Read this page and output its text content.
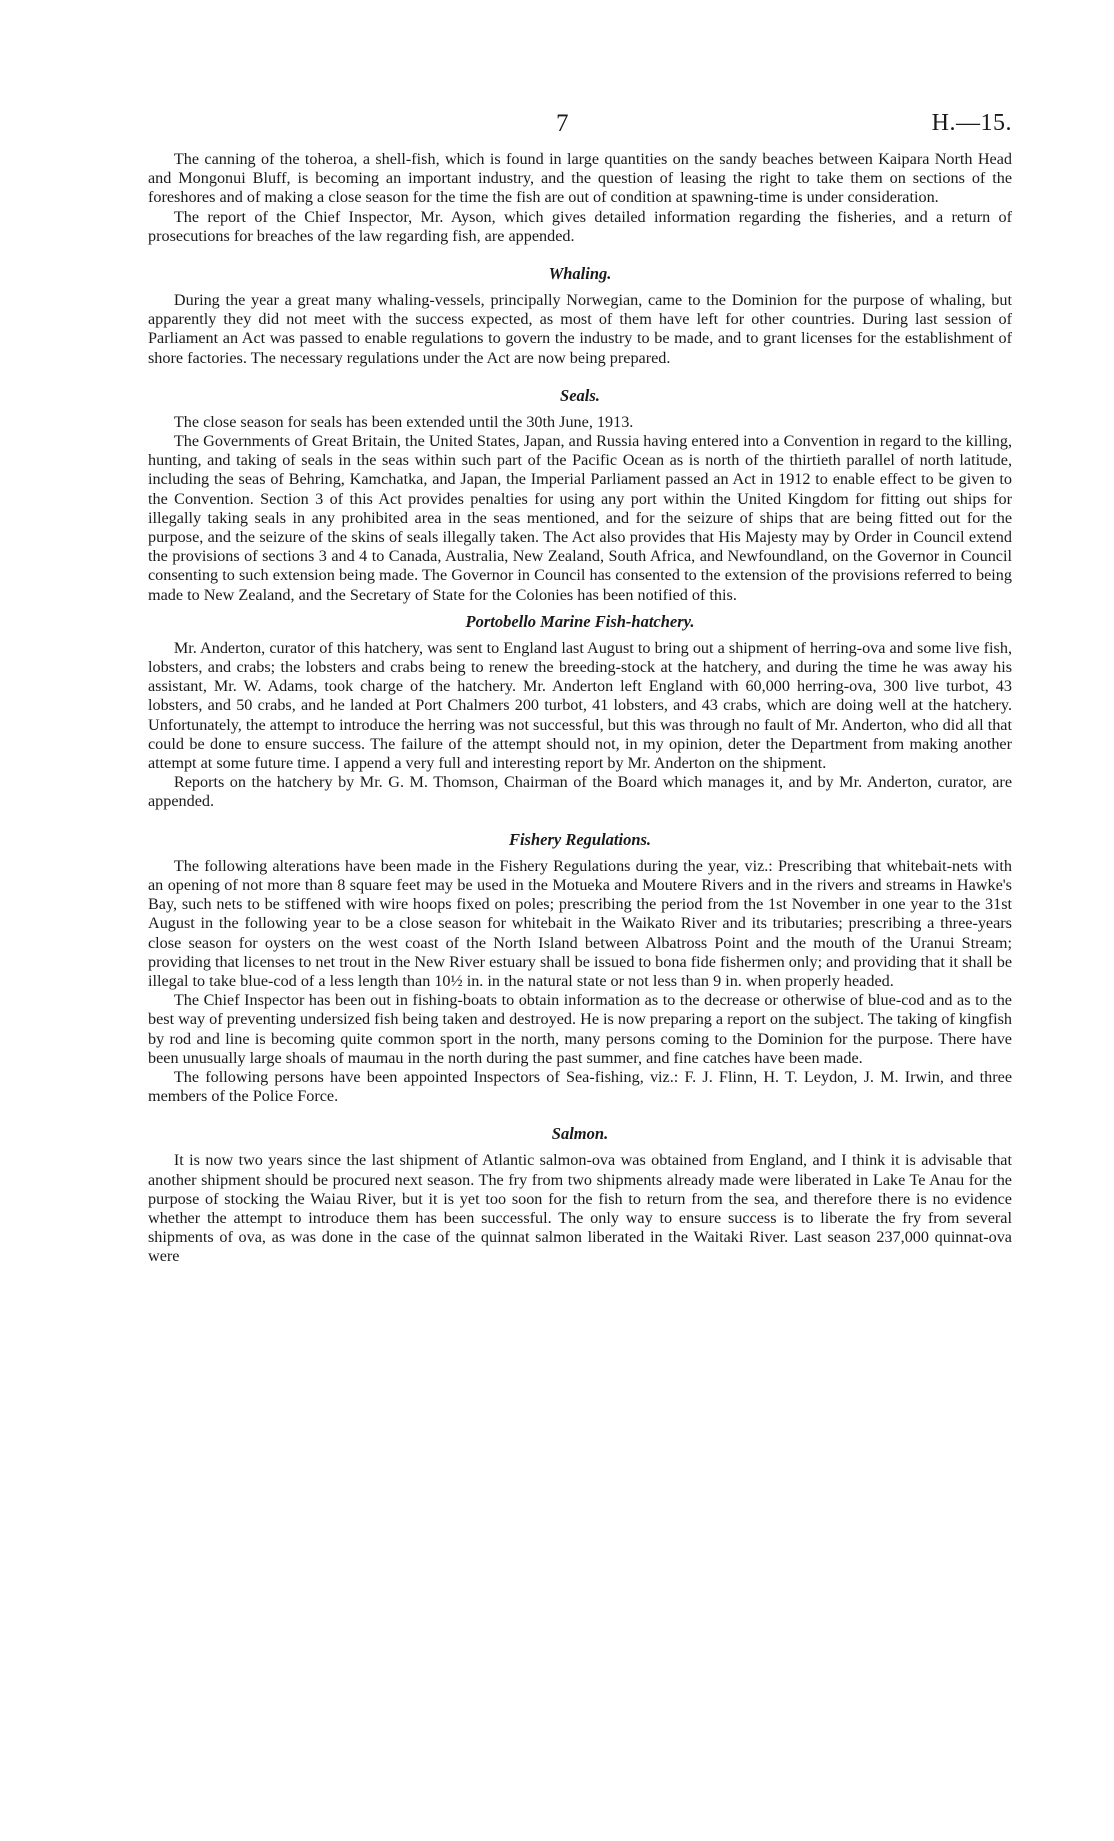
7	H.—15.

The canning of the toheroa, a shell-fish, which is found in large quantities on the sandy beaches between Kaipara North Head and Mongonui Bluff, is becoming an important industry, and the question of leasing the right to take them on sections of the foreshores and of making a close season for the time the fish are out of condition at spawning-time is under consideration.

The report of the Chief Inspector, Mr. Ayson, which gives detailed information regarding the fisheries, and a return of prosecutions for breaches of the law regarding fish, are appended.

Whaling.

During the year a great many whaling-vessels, principally Norwegian, came to the Dominion for the purpose of whaling, but apparently they did not meet with the success expected, as most of them have left for other countries. During last session of Parliament an Act was passed to enable regulations to govern the industry to be made, and to grant licenses for the establishment of shore factories. The necessary regulations under the Act are now being prepared.

Seals.

The close season for seals has been extended until the 30th June, 1913.

The Governments of Great Britain, the United States, Japan, and Russia having entered into a Convention in regard to the killing, hunting, and taking of seals in the seas within such part of the Pacific Ocean as is north of the thirtieth parallel of north latitude, including the seas of Behring, Kamchatka, and Japan, the Imperial Parliament passed an Act in 1912 to enable effect to be given to the Convention. Section 3 of this Act provides penalties for using any port within the United Kingdom for fitting out ships for illegally taking seals in any prohibited area in the seas mentioned, and for the seizure of ships that are being fitted out for the purpose, and the seizure of the skins of seals illegally taken. The Act also provides that His Majesty may by Order in Council extend the provisions of sections 3 and 4 to Canada, Australia, New Zealand, South Africa, and Newfoundland, on the Governor in Council consenting to such extension being made. The Governor in Council has consented to the extension of the provisions referred to being made to New Zealand, and the Secretary of State for the Colonies has been notified of this.

Portobello Marine Fish-hatchery.

Mr. Anderton, curator of this hatchery, was sent to England last August to bring out a shipment of herring-ova and some live fish, lobsters, and crabs; the lobsters and crabs being to renew the breeding-stock at the hatchery, and during the time he was away his assistant, Mr. W. Adams, took charge of the hatchery. Mr. Anderton left England with 60,000 herring-ova, 300 live turbot, 43 lobsters, and 50 crabs, and he landed at Port Chalmers 200 turbot, 41 lobsters, and 43 crabs, which are doing well at the hatchery. Unfortunately, the attempt to introduce the herring was not successful, but this was through no fault of Mr. Anderton, who did all that could be done to ensure success. The failure of the attempt should not, in my opinion, deter the Department from making another attempt at some future time. I append a very full and interesting report by Mr. Anderton on the shipment.

Reports on the hatchery by Mr. G. M. Thomson, Chairman of the Board which manages it, and by Mr. Anderton, curator, are appended.

Fishery Regulations.

The following alterations have been made in the Fishery Regulations during the year, viz.: Prescribing that whitebait-nets with an opening of not more than 8 square feet may be used in the Motueka and Moutere Rivers and in the rivers and streams in Hawke's Bay, such nets to be stiffened with wire hoops fixed on poles; prescribing the period from the 1st November in one year to the 31st August in the following year to be a close season for whitebait in the Waikato River and its tributaries; prescribing a three-years close season for oysters on the west coast of the North Island between Albatross Point and the mouth of the Uranui Stream; providing that licenses to net trout in the New River estuary shall be issued to bona fide fishermen only; and providing that it shall be illegal to take blue-cod of a less length than 10½ in. in the natural state or not less than 9 in. when properly headed.

The Chief Inspector has been out in fishing-boats to obtain information as to the decrease or otherwise of blue-cod and as to the best way of preventing undersized fish being taken and destroyed. He is now preparing a report on the subject. The taking of kingfish by rod and line is becoming quite common sport in the north, many persons coming to the Dominion for the purpose. There have been unusually large shoals of maumau in the north during the past summer, and fine catches have been made.

The following persons have been appointed Inspectors of Sea-fishing, viz.: F. J. Flinn, H. T. Leydon, J. M. Irwin, and three members of the Police Force.

Salmon.

It is now two years since the last shipment of Atlantic salmon-ova was obtained from England, and I think it is advisable that another shipment should be procured next season. The fry from two shipments already made were liberated in Lake Te Anau for the purpose of stocking the Waiau River, but it is yet too soon for the fish to return from the sea, and therefore there is no evidence whether the attempt to introduce them has been successful. The only way to ensure success is to liberate the fry from several shipments of ova, as was done in the case of the quinnat salmon liberated in the Waitaki River. Last season 237,000 quinnat-ova were
